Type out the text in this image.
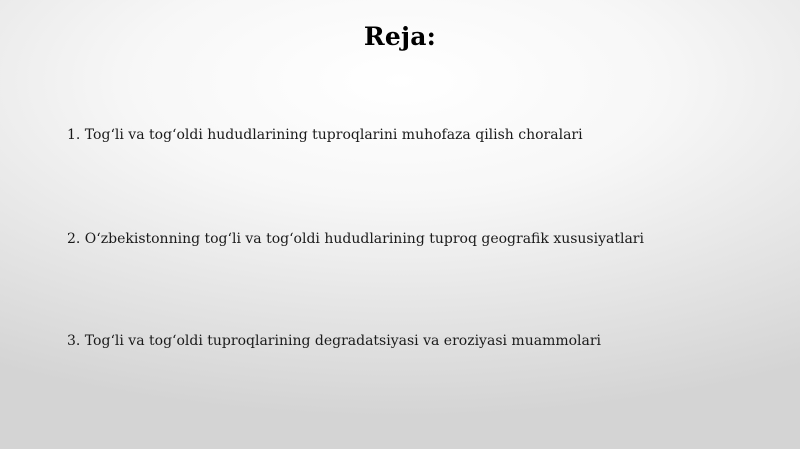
Reja:
1. Tog‘li va tog‘oldi hududlarining tuproqlarini muhofaza qilish choralari
2. O‘zbekistonning tog‘li va tog‘oldi hududlarining tuproq geografik xususiyatlari
3. Tog‘li va tog‘oldi tuproqlarining degradatsiyasi va eroziyasi muammolari
